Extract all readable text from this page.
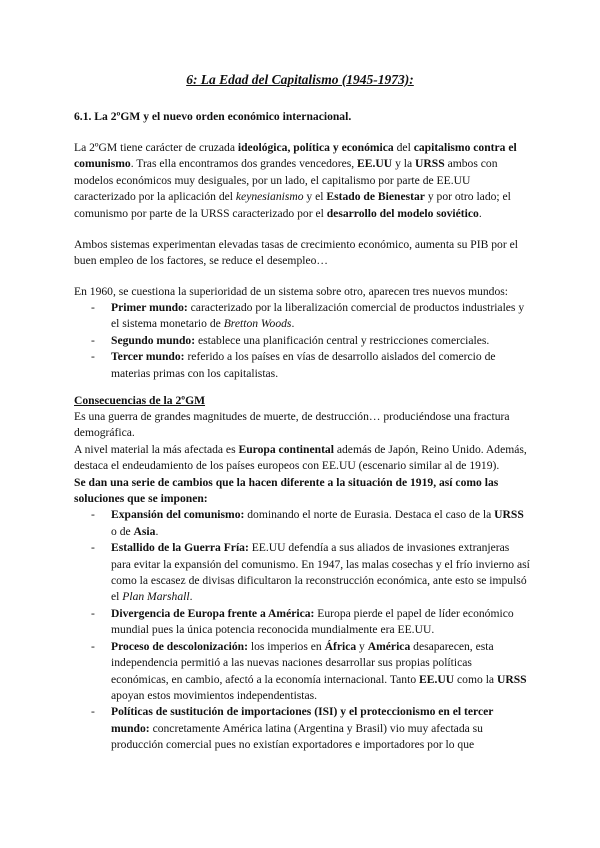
6: La Edad del Capitalismo (1945-1973):
6.1. La 2ºGM y el nuevo orden económico internacional.
La 2ºGM tiene carácter de cruzada ideológica, política y económica del capitalismo contra el comunismo. Tras ella encontramos dos grandes vencedores, EE.UU y la URSS ambos con modelos económicos muy desiguales, por un lado, el capitalismo por parte de EE.UU caracterizado por la aplicación del keynesianismo y el Estado de Bienestar y por otro lado; el comunismo por parte de la URSS caracterizado por el desarrollo del modelo soviético.
Ambos sistemas experimentan elevadas tasas de crecimiento económico, aumenta su PIB por el buen empleo de los factores, se reduce el desempleo…
En 1960, se cuestiona la superioridad de un sistema sobre otro, aparecen tres nuevos mundos:
- Primer mundo: caracterizado por la liberalización comercial de productos industriales y el sistema monetario de Bretton Woods.
- Segundo mundo: establece una planificación central y restricciones comerciales.
- Tercer mundo: referido a los países en vías de desarrollo aislados del comercio de materias primas con los capitalistas.
Consecuencias de la 2ºGM
Es una guerra de grandes magnitudes de muerte, de destrucción… produciéndose una fractura demográfica.
A nivel material la más afectada es Europa continental además de Japón, Reino Unido. Además, destaca el endeudamiento de los países europeos con EE.UU (escenario similar al de 1919).
Se dan una serie de cambios que la hacen diferente a la situación de 1919, así como las soluciones que se imponen:
- Expansión del comunismo: dominando el norte de Eurasia. Destaca el caso de la URSS o de Asia.
- Estallido de la Guerra Fría: EE.UU defendía a sus aliados de invasiones extranjeras para evitar la expansión del comunismo. En 1947, las malas cosechas y el frío invierno así como la escasez de divisas dificultaron la reconstrucción económica, ante esto se impulsó el Plan Marshall.
- Divergencia de Europa frente a América: Europa pierde el papel de líder económico mundial pues la única potencia reconocida mundialmente era EE.UU.
- Proceso de descolonización: los imperios en África y América desaparecen, esta independencia permitió a las nuevas naciones desarrollar sus propias políticas económicas, en cambio, afectó a la economía internacional. Tanto EE.UU como la URSS apoyan estos movimientos independentistas.
- Políticas de sustitución de importaciones (ISI) y el proteccionismo en el tercer mundo: concretamente América latina (Argentina y Brasil) vio muy afectada su producción comercial pues no existían exportadores e importadores por lo que
